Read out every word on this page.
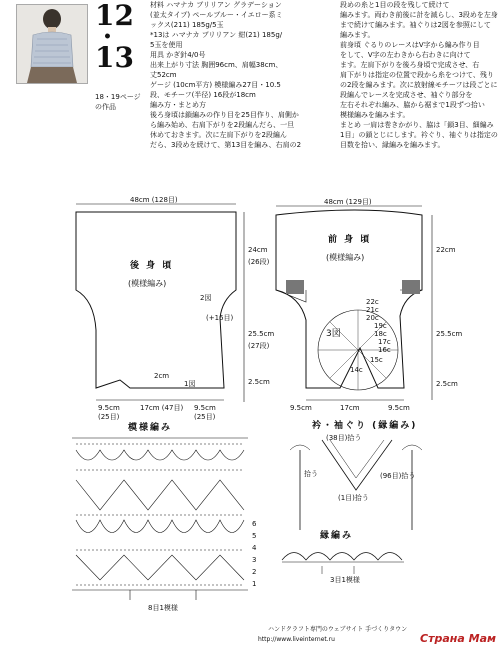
12
•
13
18・19ページ
の作品

材料 ハマナカ ブリリアン グラデーション

(並太タイプ) ペールブルー・イエロー系ミ

ックス(211) 185g/5玉

*13は ハマナカ ブリリアン 紺(21) 185g/

5玉を使用

用具 かぎ針4/0号

出来上がり寸法 胸囲96cm、肩幅38cm、

丈52cm

ゲージ (10cm平方) 模様編み27目・10.5

段、モチーフ(半径) 16段が18cm

編み方・まとめ方

後ろ身頃は鎖編みの作り目を25目作り、肩側か

ら編み始め、右肩下がりを2段編んだら、一旦

休めておきます。次に左肩下がりを2段編ん

だら、3段めを続けて、第13目を編み、右肩の2

段めの糸と1目の段を残して続けて

編みます。両わき前後に計を減らし、3段めを左身

まで続けて編みます。袖ぐりは2図を参照にして

編みます。

前身頃 ぐるりのレースはV字から編み作り目

をして、V字の左わきから右わきに向けて

ます。左肩下がりを後ろ身頃で完成させ、右

肩下がりは指定の位置で段から糸をつけて、残り

の2段を編みます。次に放射線モチーフは段ごとに

段編んでレースを完成させ、袖ぐり部分を

左右それぞれ編み、脇から裾まで1段ずつ拾い

模様編みを編みます。

まとめ 一肩は巻きかがり、脇は「鎖3目、細編み

1目」の鎖とじにします。衿ぐり、袖ぐりは指定の

目数を拾い、縁編みを編みます。

48cm (128目)
後 身 頃
(模様編み)
2図
24cm
(26段)
(+16目)
25.5cm
(27段)
2.5cm
2cm
1図
9.5cm
(25目)
17cm (47目) 9.5cm
(25目)
48cm (129目)
前 身 頃
(模様編み)
3図
22cm
25.5cm
2.5cm
9.5cm	17cm	9.5cm
22c
21c
20c
19c
18c
17c
16c
15c
14c
模様編み
8目1模様
6
5
4
3
2
1
衿・袖ぐり (縁編み)
(38目)拾う
(1目)拾う
(96目)拾う
拾う
縁編み
3目1模様
ハンドクラフト専門のウェブサイト 手づくりタウン
http://www.liveinternet.ru	Страна Мам
